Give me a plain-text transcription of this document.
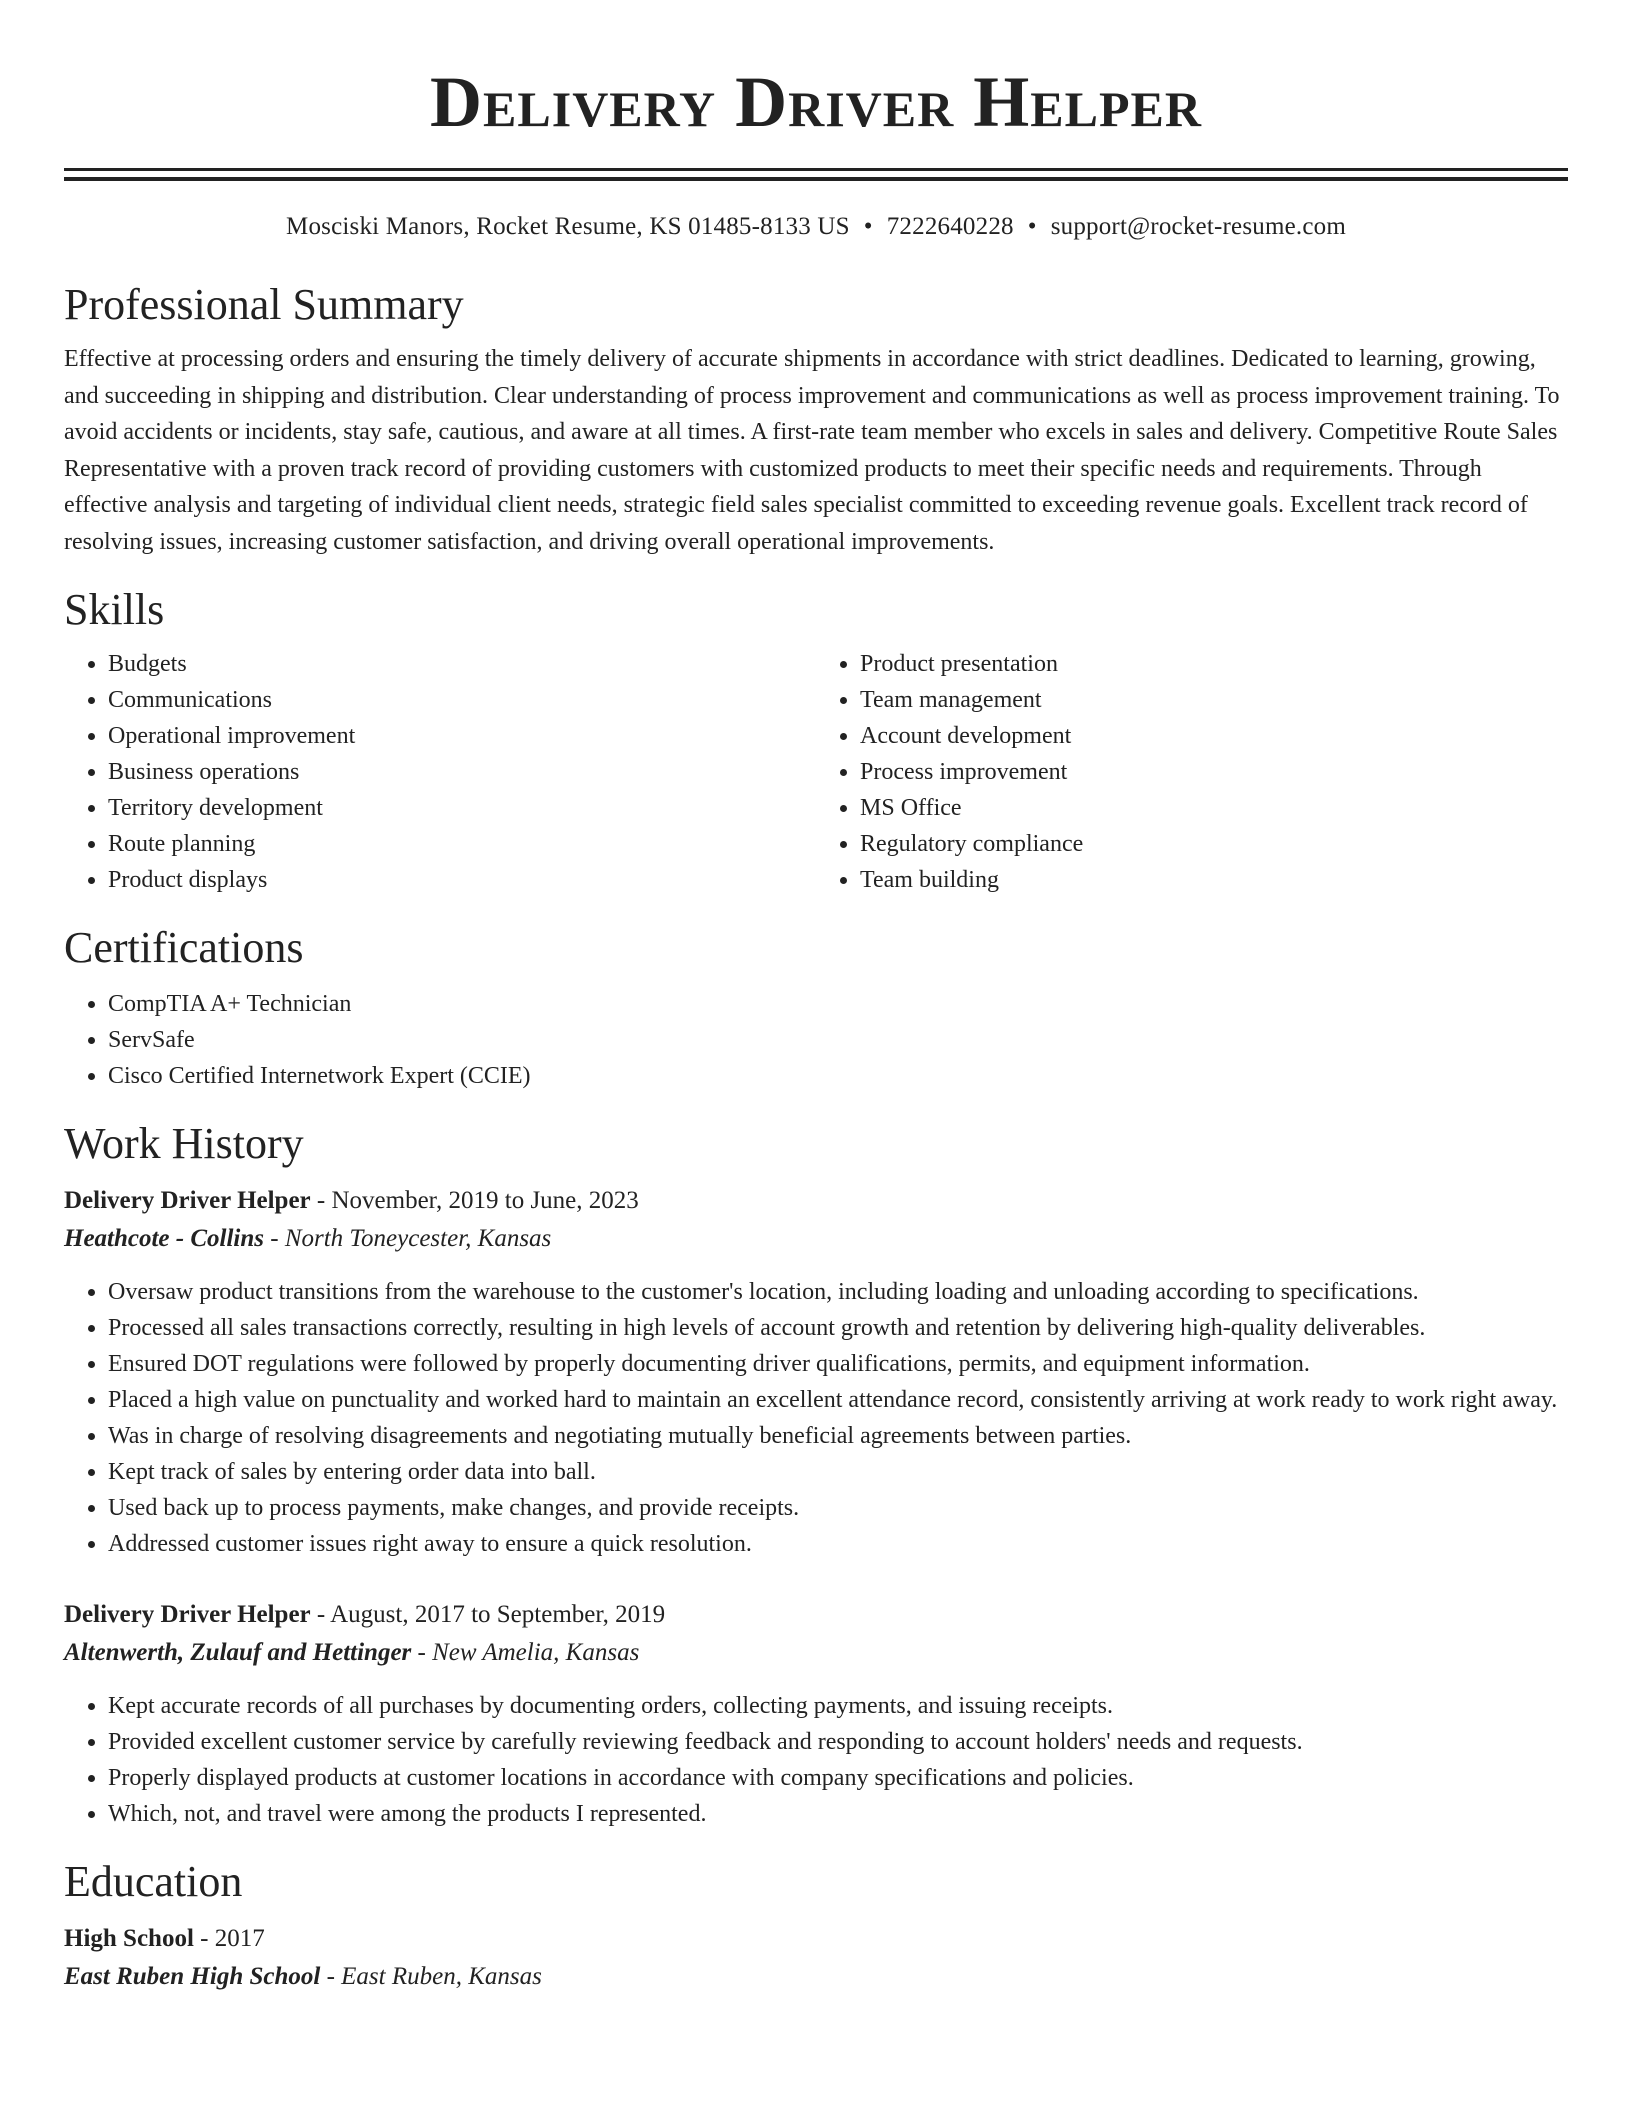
Delivery Driver Helper
Mosciski Manors, Rocket Resume, KS 01485-8133 US • 7222640228 • support@rocket-resume.com
Professional Summary

Effective at processing orders and ensuring the timely delivery of accurate shipments in accordance with strict deadlines. Dedicated to learning, growing, and succeeding in shipping and distribution. Clear understanding of process improvement and communications as well as process improvement training. To avoid accidents or incidents, stay safe, cautious, and aware at all times. A first-rate team member who excels in sales and delivery. Competitive Route Sales Representative with a proven track record of providing customers with customized products to meet their specific needs and requirements. Through effective analysis and targeting of individual client needs, strategic field sales specialist committed to exceeding revenue goals. Excellent track record of resolving issues, increasing customer satisfaction, and driving overall operational improvements.

Skills
• Budgets
• Communications
• Operational improvement
• Business operations
• Territory development
• Route planning
• Product displays
• Product presentation
• Team management
• Account development
• Process improvement
• MS Office
• Regulatory compliance
• Team building
Certifications
• CompTIA A+ Technician
• ServSafe
• Cisco Certified Internetwork Expert (CCIE)
Work History
Delivery Driver Helper - November, 2019 to June, 2023
Heathcote - Collins - North Toneycester, Kansas
• Oversaw product transitions from the warehouse to the customer's location, including loading and unloading according to specifications.
• Processed all sales transactions correctly, resulting in high levels of account growth and retention by delivering high-quality deliverables.
• Ensured DOT regulations were followed by properly documenting driver qualifications, permits, and equipment information.
• Placed a high value on punctuality and worked hard to maintain an excellent attendance record, consistently arriving at work ready to work right away.
• Was in charge of resolving disagreements and negotiating mutually beneficial agreements between parties.
• Kept track of sales by entering order data into ball.
• Used back up to process payments, make changes, and provide receipts.
• Addressed customer issues right away to ensure a quick resolution.
Delivery Driver Helper - August, 2017 to September, 2019
Altenwerth, Zulauf and Hettinger - New Amelia, Kansas
• Kept accurate records of all purchases by documenting orders, collecting payments, and issuing receipts.
• Provided excellent customer service by carefully reviewing feedback and responding to account holders' needs and requests.
• Properly displayed products at customer locations in accordance with company specifications and policies.
• Which, not, and travel were among the products I represented.
Education
High School - 2017
East Ruben High School - East Ruben, Kansas
